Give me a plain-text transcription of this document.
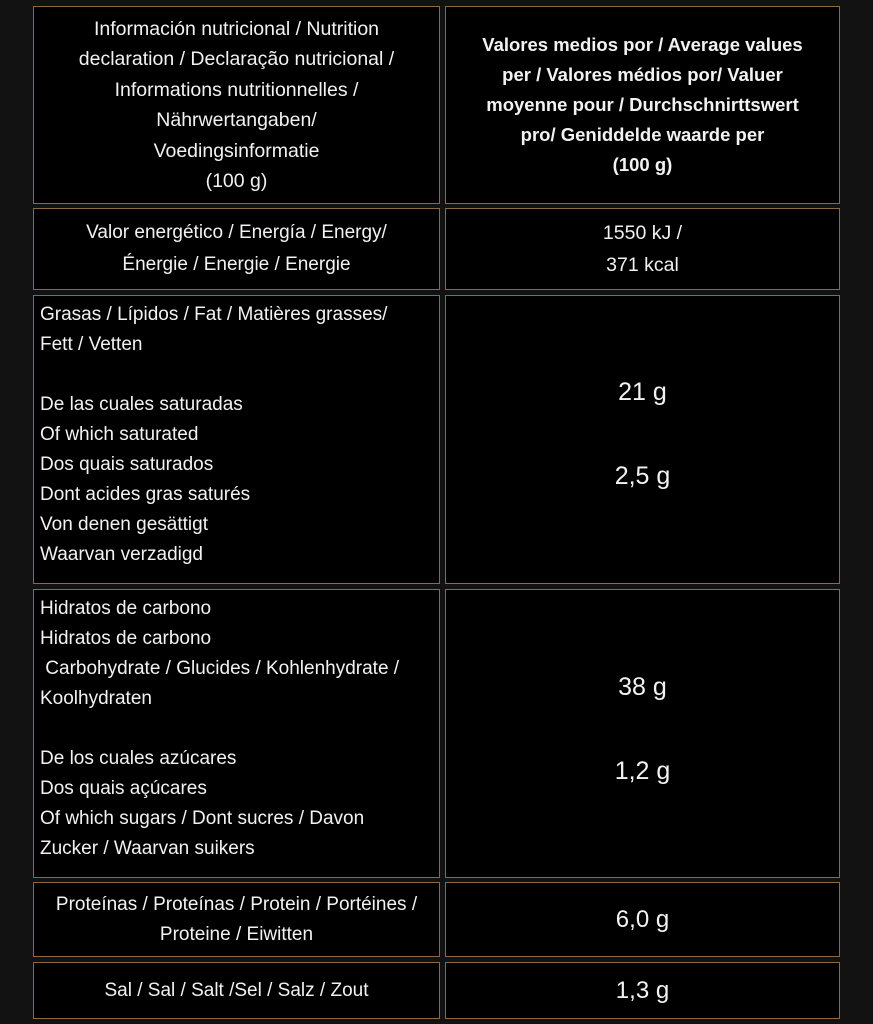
Información nutricional / Nutrition
declaration / Declaração nutricional /
Informations nutritionnelles /
Nährwertangaben/
Voedingsinformatie
(100 g)
Valores medios por / Average values
per / Valores médios por/ Valuer
moyenne pour / Durchschnirttswert
pro/ Geniddelde waarde per
(100 g)
Valor energético / Energía / Energy/
Énergie / Energie / Energie
1550 kJ /
371 kcal
Grasas / Lípidos / Fat / Matières grasses/
Fett / Vetten
De las cuales saturadas
Of which saturated
Dos quais saturados
Dont acides gras saturés
Von denen gesättigt
Waarvan verzadigd
21 g
2,5 g
Hidratos de carbono
Hidratos de carbono
Carbohydrate / Glucides / Kohlenhydrate /
Koolhydraten
De los cuales azúcares
Dos quais açúcares
Of which sugars / Dont sucres / Davon
Zucker / Waarvan suikers
38 g
1,2 g
Proteínas / Proteínas / Protein / Portéines /
Proteine / Eiwitten
6,0 g
Sal / Sal / Salt /Sel / Salz / Zout	1,3 g
